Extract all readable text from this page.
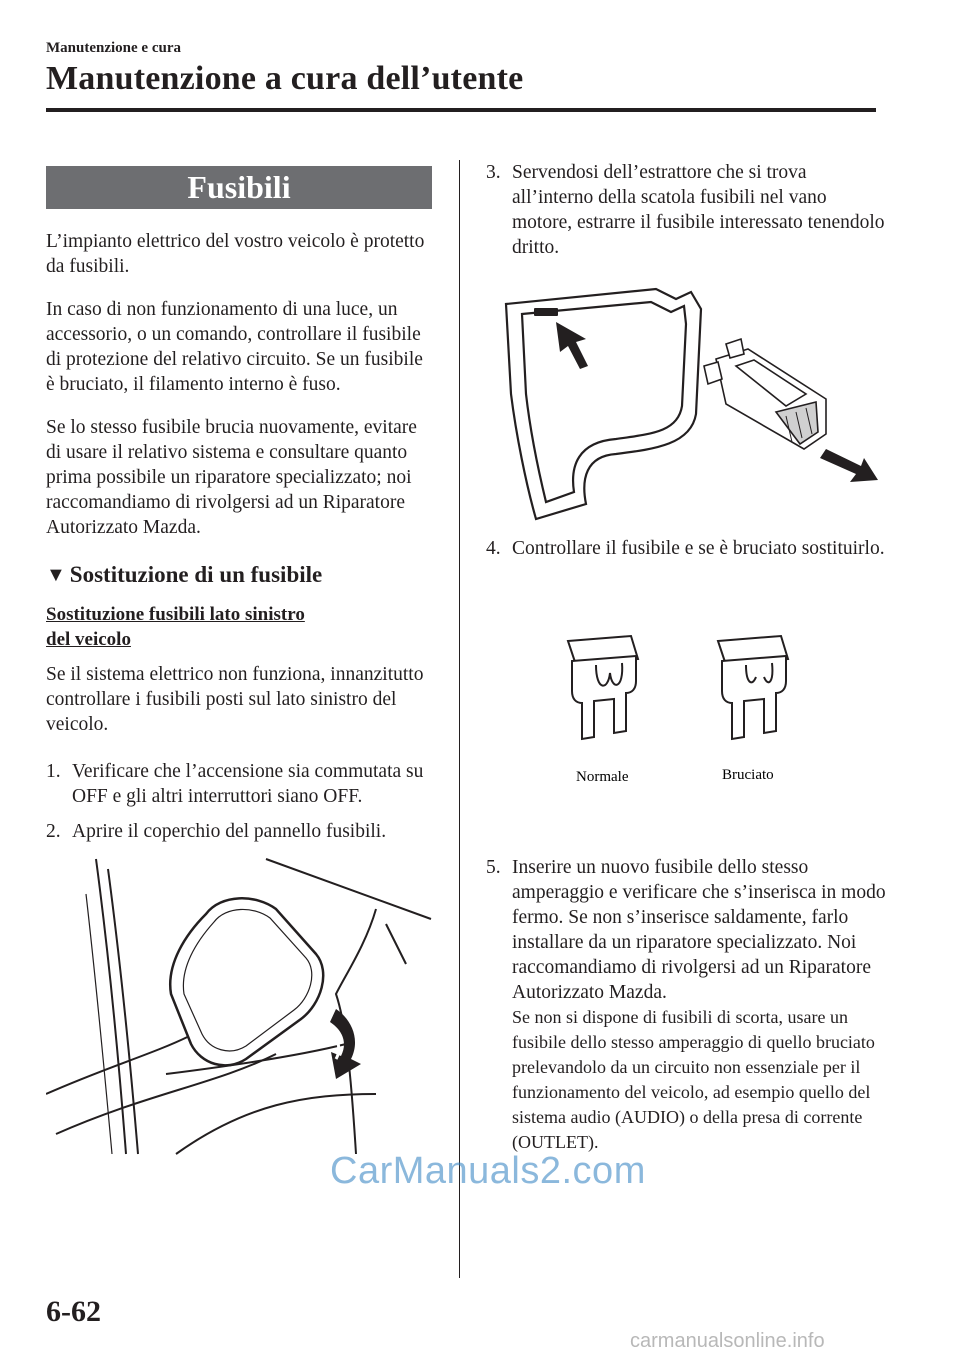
Manutenzione e cura
Manutenzione a cura dell’utente
Fusibili

L’impianto elettrico del vostro veicolo è protetto da fusibili.

In caso di non funzionamento di una luce, un accessorio, o un comando, controllare il fusibile di protezione del relativo circuito. Se un fusibile è bruciato, il filamento interno è fuso.

Se lo stesso fusibile brucia nuovamente, evitare di usare il relativo sistema e consultare quanto prima possibile un riparatore specializzato; noi raccomandiamo di rivolgersi ad un Riparatore Autorizzato Mazda.

▼ Sostituzione di un fusibile
Sostituzione fusibili lato sinistro
del veicolo

Se il sistema elettrico non funziona, innanzitutto controllare i fusibili posti sul lato sinistro del veicolo.

1. Verificare che l’accensione sia commutata su OFF e gli altri interruttori siano OFF.
2. Aprire il coperchio del pannello fusibili.
3. Servendosi dell’estrattore che si trova all’interno della scatola fusibili nel vano motore, estrarre il fusibile interessato tenendolo dritto.
4. Controllare il fusibile e se è bruciato sostituirlo.
Normale	Bruciato
5. Inserire un nuovo fusibile dello stesso amperaggio e verificare che s’inserisca in modo fermo. Se non s’inserisce saldamente, farlo installare da un riparatore specializzato. Noi raccomandiamo di rivolgersi ad un Riparatore Autorizzato Mazda.
Se non si dispone di fusibili di scorta, usare un fusibile dello stesso amperaggio di quello bruciato prelevandolo da un circuito non essenziale per il funzionamento del veicolo, ad esempio quello del sistema audio (AUDIO) o della presa di corrente (OUTLET).
6-62
CarManuals2.com
carmanualsonline.info
